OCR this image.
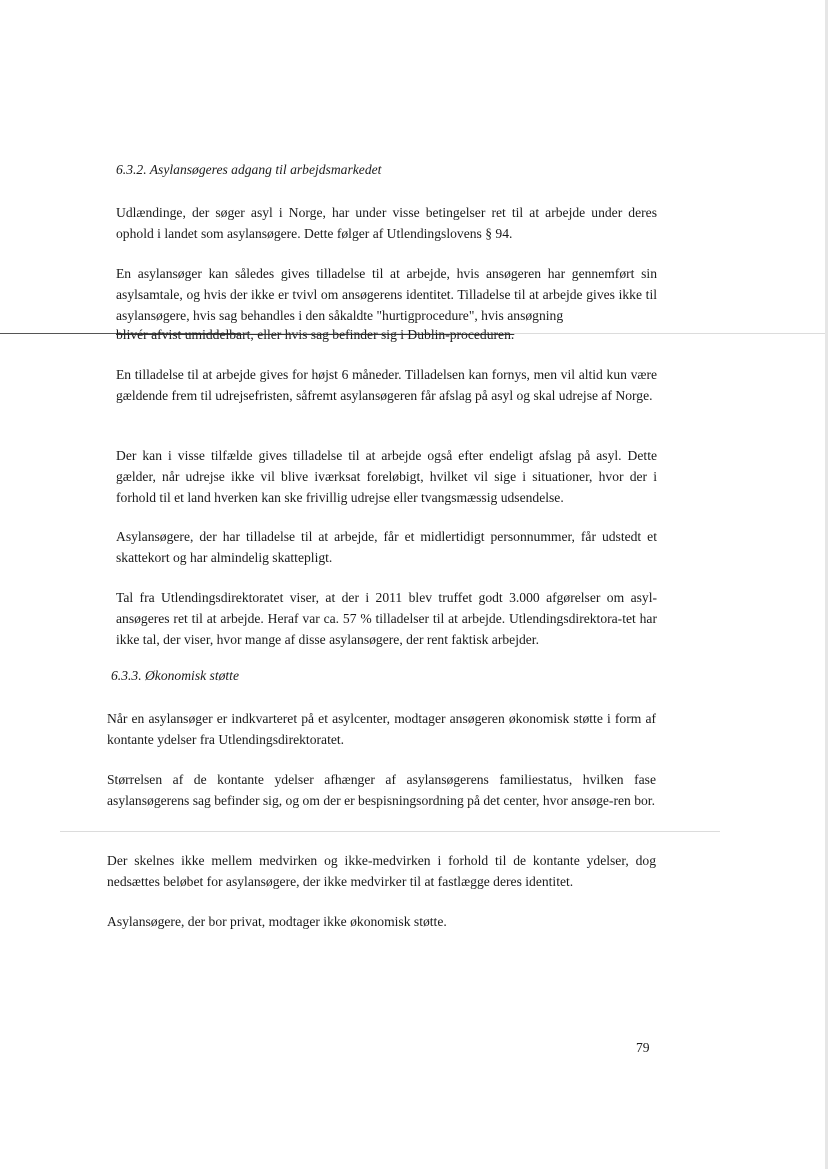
6.3.2. Asylansøgeres adgang til arbejdsmarkedet

Udlændinge, der søger asyl i Norge, har under visse betingelser ret til at arbejde under deres ophold i landet som asylansøgere. Dette følger af Utlendingslovens § 94.

En asylansøger kan således gives tilladelse til at arbejde, hvis ansøgeren har gennemført sin asylsamtale, og hvis der ikke er tvivl om ansøgerens identitet. Tilladelse til at arbejde gives ikke til asylansøgere, hvis sag behandles i den såkaldte "hurtigprocedure", hvis ansøgning

blivér afvist umiddelbart, eller hvis sag befinder sig i Dublin-proceduren.

En tilladelse til at arbejde gives for højst 6 måneder. Tilladelsen kan fornys, men vil altid kun være gældende frem til udrejsefristen, såfremt asylansøgeren får afslag på asyl og skal udrejse af Norge.

Der kan i visse tilfælde gives tilladelse til at arbejde også efter endeligt afslag på asyl. Dette gælder, når udrejse ikke vil blive iværksat foreløbigt, hvilket vil sige i situationer, hvor der i forhold til et land hverken kan ske frivillig udrejse eller tvangsmæssig udsendelse.

Asylansøgere, der har tilladelse til at arbejde, får et midlertidigt personnummer, får udstedt et skattekort og har almindelig skattepligt.

Tal fra Utlendingsdirektoratet viser, at der i 2011 blev truffet godt 3.000 afgørelser om asyl-ansøgeres ret til at arbejde. Heraf var ca. 57 % tilladelser til at arbejde. Utlendingsdirektora-tet har ikke tal, der viser, hvor mange af disse asylansøgere, der rent faktisk arbejder.

6.3.3. Økonomisk støtte

Når en asylansøger er indkvarteret på et asylcenter, modtager ansøgeren økonomisk støtte i form af kontante ydelser fra Utlendingsdirektoratet.

Størrelsen af de kontante ydelser afhænger af asylansøgerens familiestatus, hvilken fase asylansøgerens sag befinder sig, og om der er bespisningsordning på det center, hvor ansøge-ren bor.

Der skelnes ikke mellem medvirken og ikke-medvirken i forhold til de kontante ydelser, dog nedsættes beløbet for asylansøgere, der ikke medvirker til at fastlægge deres identitet.

Asylansøgere, der bor privat, modtager ikke økonomisk støtte.

79
